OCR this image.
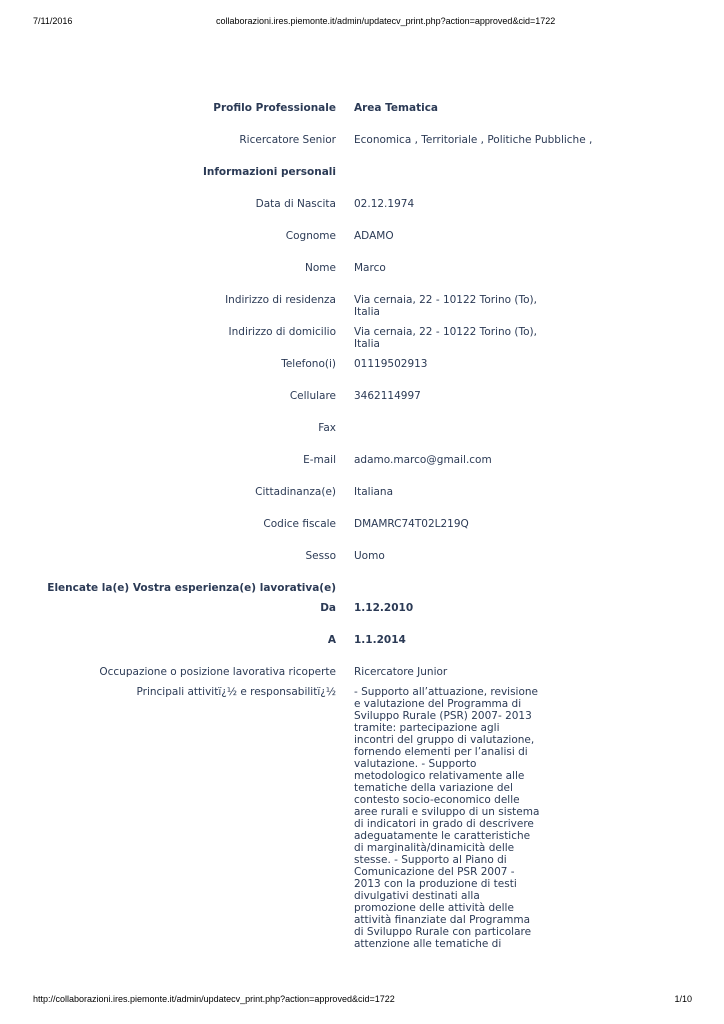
7/11/2016	collaborazioni.ires.piemonte.it/admin/updatecv_print.php?action=approved&cid=1722
Profilo Professionale Area Tematica
Ricercatore Senior Economica , Territoriale , Politiche Pubbliche ,
Informazioni personali
Data di Nascita 02.12.1974
Cognome ADAMO
Nome Marco
Indirizzo di residenza Via cernaia, 22 - 10122 Torino (To), Italia
Indirizzo di domicilio Via cernaia, 22 - 10122 Torino (To), Italia
Telefono(i) 01119502913
Cellulare 3462114997
Fax
E-mail adamo.marco@gmail.com
Cittadinanza(e) Italiana
Codice fiscale DMAMRC74T02L219Q
Sesso Uomo
Elencate la(e) Vostra esperienza(e) lavorativa(e)
Da 1.12.2010
A 1.1.2014
Occupazione o posizione lavorativa ricoperte Ricercatore Junior
Principali attivitï¿½ e responsabilitï¿½ - Supporto all’attuazione, revisione e valutazione del Programma di Sviluppo Rurale (PSR) 2007- 2013 tramite: partecipazione agli incontri del gruppo di valutazione, fornendo elementi per l’analisi di valutazione. - Supporto metodologico relativamente alle tematiche della variazione del contesto socio-economico delle aree rurali e sviluppo di un sistema di indicatori in grado di descrivere adeguatamente le caratteristiche di marginalità/dinamicità delle stesse. - Supporto al Piano di Comunicazione del PSR 2007 - 2013 con la produzione di testi divulgativi destinati alla promozione delle attività delle attività finanziate dal Programma di Sviluppo Rurale con particolare attenzione alle tematiche di
http://collaborazioni.ires.piemonte.it/admin/updatecv_print.php?action=approved&cid=1722	1/10
